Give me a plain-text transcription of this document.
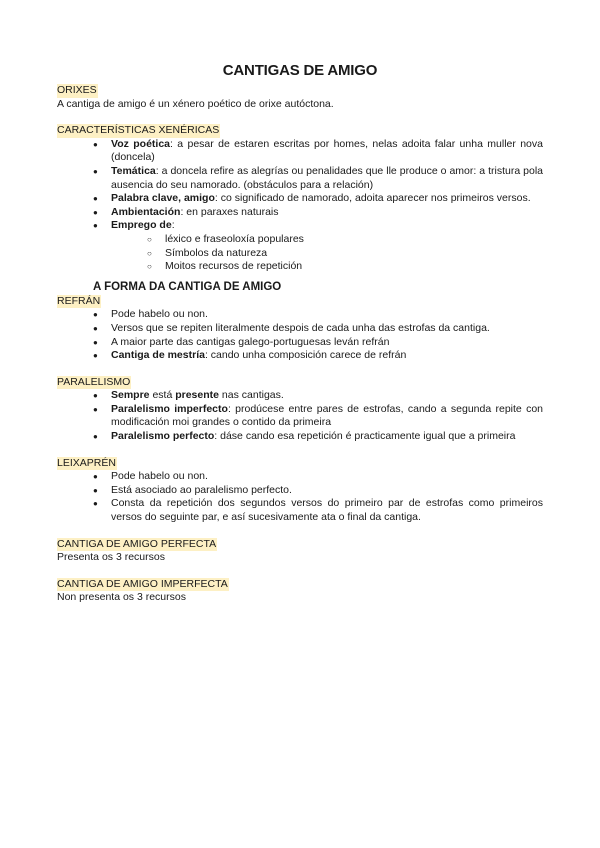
CANTIGAS DE AMIGO

ORIXES

A cantiga de amigo é un xénero poético de orixe autóctona.

CARACTERÍSTICAS XENÉRICAS

● Voz poética: a pesar de estaren escritas por homes, nelas adoita falar unha muller nova (doncela)
● Temática: a doncela refire as alegrías ou penalidades que lle produce o amor: a tristura pola ausencia do seu namorado. (obstáculos para a relación)
● Palabra clave, amigo: co significado de namorado, adoita aparecer nos primeiros versos.
● Ambientación: en paraxes naturais
● Emprego de:
○ léxico e fraseoloxía populares
○ Símbolos da natureza
○ Moitos recursos de repetición
A FORMA DA CANTIGA DE AMIGO

REFRÁN

● Pode habelo ou non.
● Versos que se repiten literalmente despois de cada unha das estrofas da cantiga.
● A maior parte das cantigas galego-portuguesas leván refrán
● Cantiga de mestría: cando unha composición carece de refrán

PARALELISMO

● Sempre está presente nas cantigas.
● Paralelismo imperfecto: prodúcese entre pares de estrofas, cando a segunda repite con modificación moi grandes o contido da primeira
● Paralelismo perfecto: dáse cando esa repetición é practicamente igual que a primeira

LEIXAPRÉN

● Pode habelo ou non.
● Está asociado ao paralelismo perfecto.
● Consta da repetición dos segundos versos do primeiro par de estrofas como primeiros versos do seguinte par, e así sucesivamente ata o final da cantiga.

CANTIGA DE AMIGO PERFECTA

Presenta os 3 recursos

CANTIGA DE AMIGO IMPERFECTA

Non presenta os 3 recursos
